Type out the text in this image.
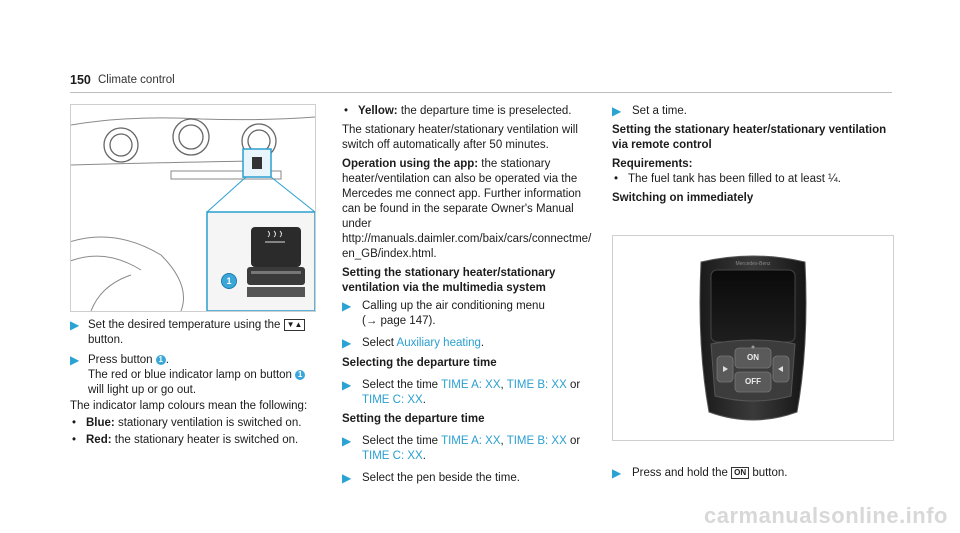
150 Climate control
1

▶ Set the desired temperature using the ▼▲ button.

▶ Press button 1 .
The red or blue indicator lamp on button 1
will light up or go out.

The indicator lamp colours mean the following:

• Blue: stationary ventilation is switched on.

• Red: the stationary heater is switched on.

• Yellow: the departure time is preselected.

The stationary heater/stationary ventilation will switch off automatically after 50 minutes.

Operation using the app: the stationary heater/ventilation can also be operated via the Mercedes me connect app. Further information can be found in the separate Owner's Manual under http://manuals.daimler.com/baix/cars/connectme/en_GB/index.html.

Setting the stationary heater/stationary ventilation via the multimedia system

▶ Calling up the air conditioning menu
(→ page 147).

▶ Select Auxiliary heating.

Selecting the departure time

▶ Select the time TIME A: XX, TIME B: XX or
TIME C: XX.

Setting the departure time

▶ Select the time TIME A: XX, TIME B: XX or
TIME C: XX.

▶ Select the pen beside the time.

▶ Set a time.

Setting the stationary heater/stationary ventilation via remote control

Requirements:

• The fuel tank has been filled to at least ¼.

Switching on immediately

Mercedes-Benz
ON
OFF

▶ Press and hold the ON button.

carmanualsonline.info
